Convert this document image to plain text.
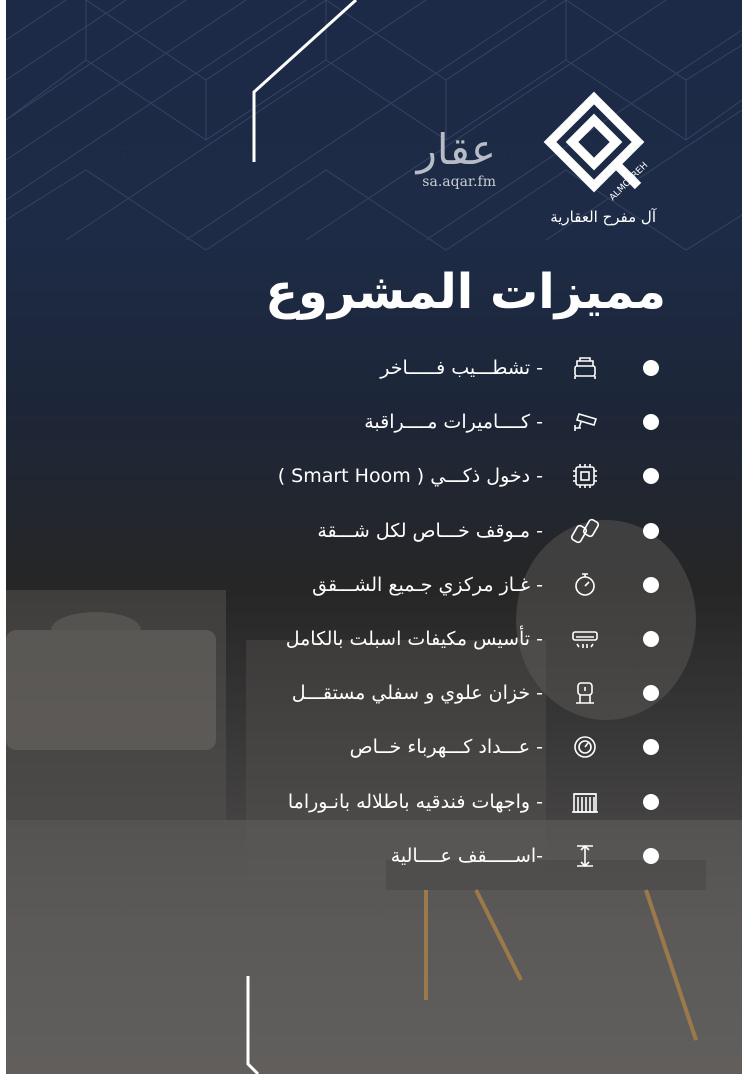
عقار
sa.aqar.fm	ALMOFREH
آل مفرح العقارية
مميزات المشروع
- تشطـــيب فـــــاخر
- كــــاميرات مــــراقبة
- دخول ذكـــي ( Smart Hoom )
- مـوقف خـــاص لكل شـــقة
- غـاز مركزي جـميع الشـــقق
- تأسيس مكيفات اسبلت بالكامل
- خزان علوي و سفلي مستقـــل
- عـــداد كـــهرباء خــاص
- واجهات فندقيه باطلاله بانـوراما
-اســـــقف عــــالية
